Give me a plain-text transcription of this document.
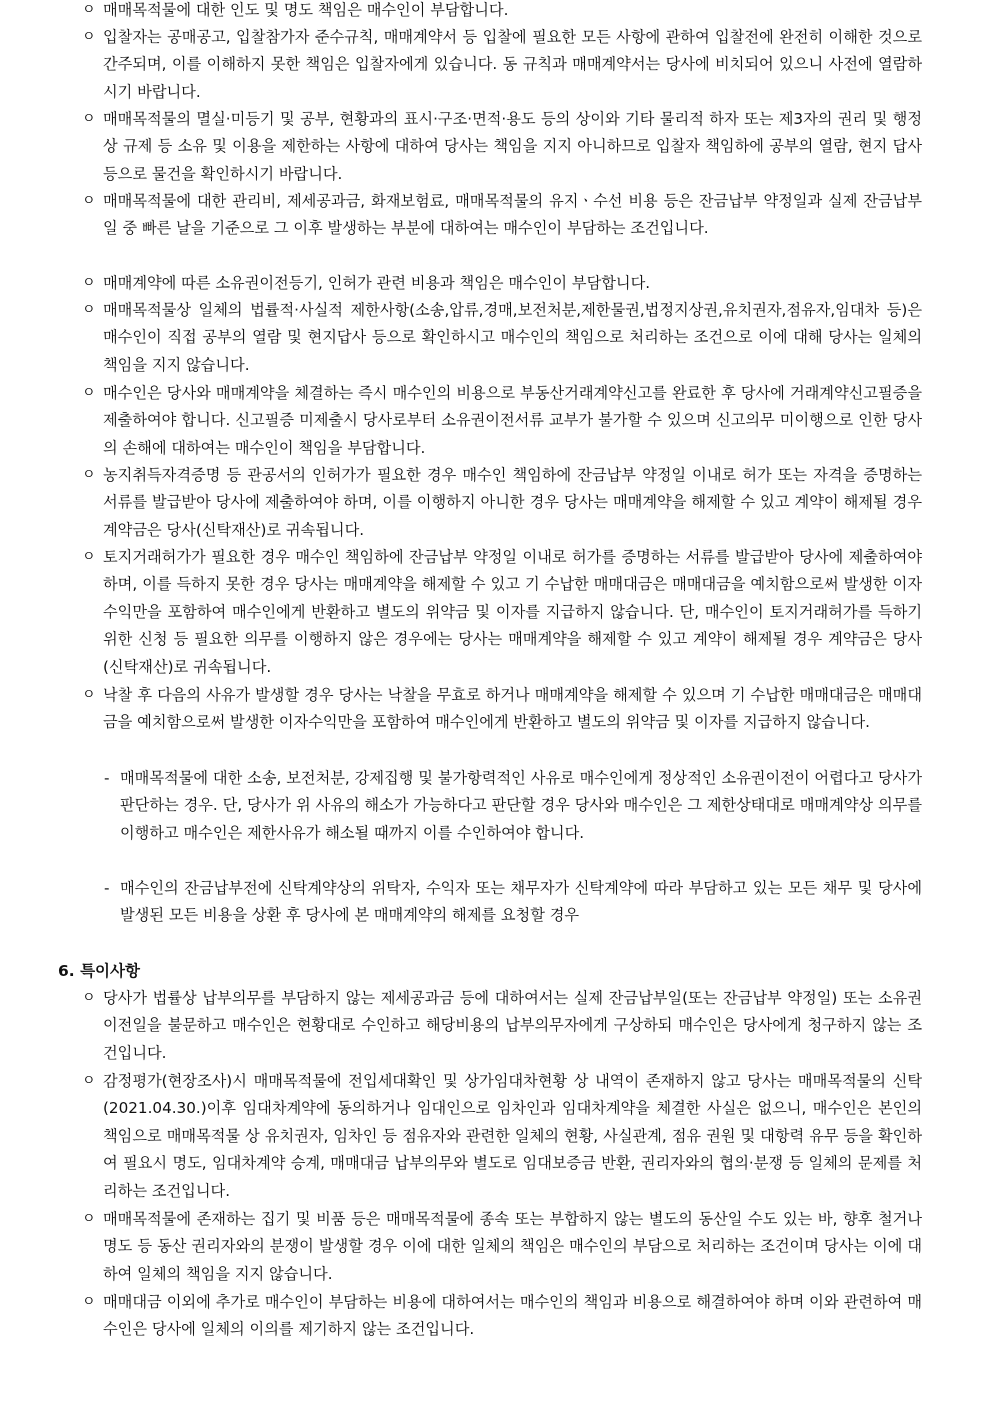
ㅇ 매매목적물에 대한 인도 및 명도 책임은 매수인이 부담합니다.
ㅇ 입찰자는 공매공고, 입찰참가자 준수규칙, 매매계약서 등 입찰에 필요한 모든 사항에 관하여 입찰전에 완전히 이해한 것으로 간주되며, 이를 이해하지 못한 책임은 입찰자에게 있습니다. 동 규칙과 매매계약서는 당사에 비치되어 있으니 사전에 열람하시기 바랍니다.
ㅇ 매매목적물의 멸실·미등기 및 공부, 현황과의 표시·구조·면적·용도 등의 상이와 기타 물리적 하자 또는 제3자의 권리 및 행정상 규제 등 소유 및 이용을 제한하는 사항에 대하여 당사는 책임을 지지 아니하므로 입찰자 책임하에 공부의 열람, 현지 답사 등으로 물건을 확인하시기 바랍니다.
ㅇ 매매목적물에 대한 관리비, 제세공과금, 화재보험료, 매매목적물의 유지ㆍ수선 비용 등은 잔금납부 약정일과 실제 잔금납부일 중 빠른 날을 기준으로 그 이후 발생하는 부분에 대하여는 매수인이 부담하는 조건입니다.
ㅇ 매매계약에 따른 소유권이전등기, 인허가 관련 비용과 책임은 매수인이 부담합니다.
ㅇ 매매목적물상 일체의 법률적·사실적 제한사항(소송,압류,경매,보전처분,제한물권,법정지상권,유치권자,점유자,임대차 등)은 매수인이 직접 공부의 열람 및 현지답사 등으로 확인하시고 매수인의 책임으로 처리하는 조건으로 이에 대해 당사는 일체의 책임을 지지 않습니다.
ㅇ 매수인은 당사와 매매계약을 체결하는 즉시 매수인의 비용으로 부동산거래계약신고를 완료한 후 당사에 거래계약신고필증을 제출하여야 합니다. 신고필증 미제출시 당사로부터 소유권이전서류 교부가 불가할 수 있으며 신고의무 미이행으로 인한 당사의 손해에 대하여는 매수인이 책임을 부담합니다.
ㅇ 농지취득자격증명 등 관공서의 인허가가 필요한 경우 매수인 책임하에 잔금납부 약정일 이내로 허가 또는 자격을 증명하는 서류를 발급받아 당사에 제출하여야 하며, 이를 이행하지 아니한 경우 당사는 매매계약을 해제할 수 있고 계약이 해제될 경우 계약금은 당사(신탁재산)로 귀속됩니다.
ㅇ 토지거래허가가 필요한 경우 매수인 책임하에 잔금납부 약정일 이내로 허가를 증명하는 서류를 발급받아 당사에 제출하여야 하며, 이를 득하지 못한 경우 당사는 매매계약을 해제할 수 있고 기 수납한 매매대금은 매매대금을 예치함으로써 발생한 이자수익만을 포함하여 매수인에게 반환하고 별도의 위약금 및 이자를 지급하지 않습니다. 단, 매수인이 토지거래허가를 득하기 위한 신청 등 필요한 의무를 이행하지 않은 경우에는 당사는 매매계약을 해제할 수 있고 계약이 해제될 경우 계약금은 당사(신탁재산)로 귀속됩니다.
ㅇ 낙찰 후 다음의 사유가 발생할 경우 당사는 낙찰을 무효로 하거나 매매계약을 해제할 수 있으며 기 수납한 매매대금은 매매대금을 예치함으로써 발생한 이자수익만을 포함하여 매수인에게 반환하고 별도의 위약금 및 이자를 지급하지 않습니다.
- 매매목적물에 대한 소송, 보전처분, 강제집행 및 불가항력적인 사유로 매수인에게 정상적인 소유권이전이 어렵다고 당사가 판단하는 경우. 단, 당사가 위 사유의 해소가 가능하다고 판단할 경우 당사와 매수인은 그 제한상태대로 매매계약상 의무를 이행하고 매수인은 제한사유가 해소될 때까지 이를 수인하여야 합니다.
- 매수인의 잔금납부전에 신탁계약상의 위탁자, 수익자 또는 채무자가 신탁계약에 따라 부담하고 있는 모든 채무 및 당사에 발생된 모든 비용을 상환 후 당사에 본 매매계약의 해제를 요청할 경우
6. 특이사항
ㅇ 당사가 법률상 납부의무를 부담하지 않는 제세공과금 등에 대하여서는 실제 잔금납부일(또는 잔금납부 약정일) 또는 소유권이전일을 불문하고 매수인은 현황대로 수인하고 해당비용의 납부의무자에게 구상하되 매수인은 당사에게 청구하지 않는 조건입니다.
ㅇ 감정평가(현장조사)시 매매목적물에 전입세대확인 및 상가임대차현황 상 내역이 존재하지 않고 당사는 매매목적물의 신탁(2021.04.30.)이후 임대차계약에 동의하거나 임대인으로 임차인과 임대차계약을 체결한 사실은 없으니, 매수인은 본인의 책임으로 매매목적물 상 유치권자, 임차인 등 점유자와 관련한 일체의 현황, 사실관계, 점유 권원 및 대항력 유무 등을 확인하여 필요시 명도, 임대차계약 승계, 매매대금 납부의무와 별도로 임대보증금 반환, 권리자와의 협의·분쟁 등 일체의 문제를 처리하는 조건입니다.
ㅇ 매매목적물에 존재하는 집기 및 비품 등은 매매목적물에 종속 또는 부합하지 않는 별도의 동산일 수도 있는 바, 향후 철거나 명도 등 동산 권리자와의 분쟁이 발생할 경우 이에 대한 일체의 책임은 매수인의 부담으로 처리하는 조건이며 당사는 이에 대하여 일체의 책임을 지지 않습니다.
ㅇ 매매대금 이외에 추가로 매수인이 부담하는 비용에 대하여서는 매수인의 책임과 비용으로 해결하여야 하며 이와 관련하여 매수인은 당사에 일체의 이의를 제기하지 않는 조건입니다.
